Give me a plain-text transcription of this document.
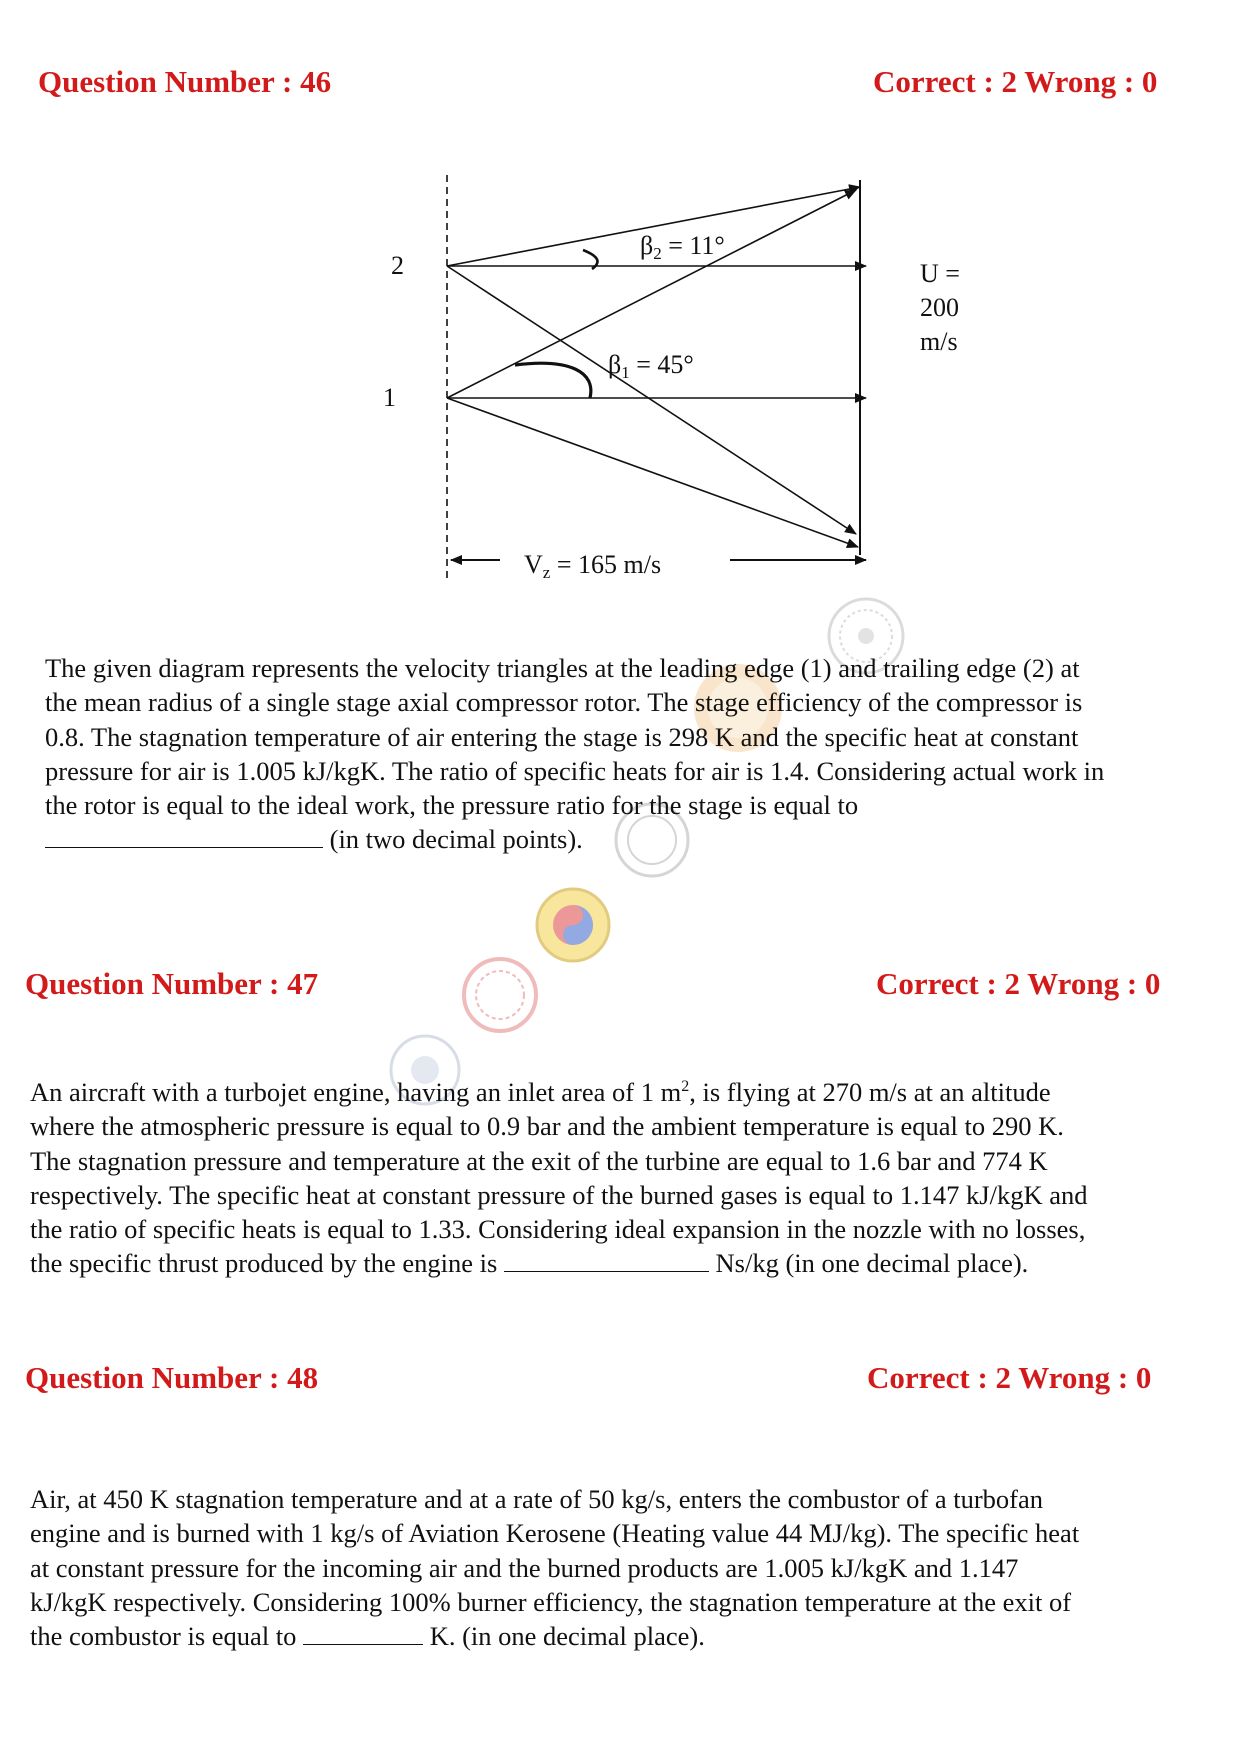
Question Number : 46	Correct : 2 Wrong : 0
2
1
β2 = 11°
β1 = 45°
U =
200
m/s
Vz = 165 m/s

The given diagram represents the velocity triangles at the leading edge (1) and trailing edge (2) at

the mean radius of a single stage axial compressor rotor. The stage efficiency of the compressor is

0.8. The stagnation temperature of air entering the stage is 298 K and the specific heat at constant

pressure for air is 1.005 kJ/kgK. The ratio of specific heats for air is 1.4. Considering actual work in

the rotor is equal to the ideal work, the pressure ratio for the stage is equal to

(in two decimal points).

Question Number : 47	Correct : 2 Wrong : 0

An aircraft with a turbojet engine, having an inlet area of 1 $m^2$, is flying at 270 m/s at an altitude

where the atmospheric pressure is equal to 0.9 bar and the ambient temperature is equal to 290 K.

The stagnation pressure and temperature at the exit of the turbine are equal to 1.6 bar and 774 K

respectively. The specific heat at constant pressure of the burned gases is equal to 1.147 kJ/kgK and

the ratio of specific heats is equal to 1.33. Considering ideal expansion in the nozzle with no losses,

the specific thrust produced by the engine is	Ns/kg (in one decimal place).

Question Number : 48	Correct : 2 Wrong : 0

Air, at 450 K stagnation temperature and at a rate of 50 kg/s, enters the combustor of a turbofan

engine and is burned with 1 kg/s of Aviation Kerosene (Heating value 44 MJ/kg). The specific heat

at constant pressure for the incoming air and the burned products are 1.005 kJ/kgK and 1.147

kJ/kgK respectively. Considering 100% burner efficiency, the stagnation temperature at the exit of

the combustor is equal to	K. (in one decimal place).
